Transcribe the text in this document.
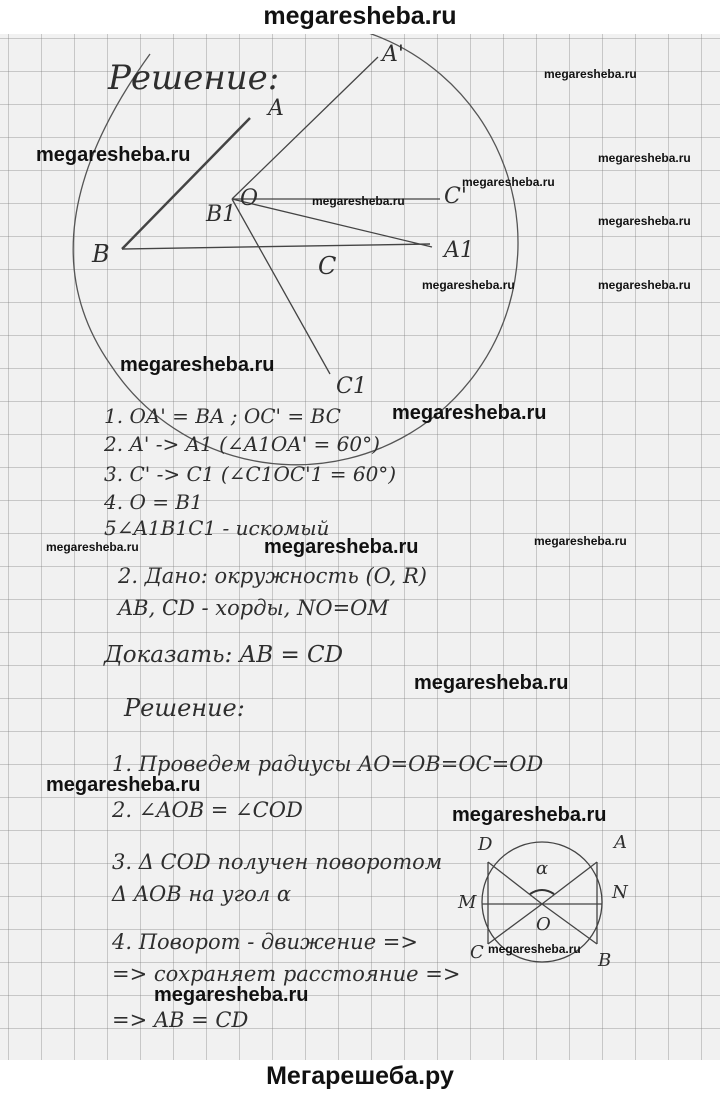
megaresheba.ru
Решение:
A'
A
O
B1
C'
B	A1
C
C1
1. OA' = BA ; OC' = BC
2. A' -> A1 (∠A1OA' = 60°)
3. C' -> C1 (∠C1OC'1 = 60°)
4. O = B1
5∠A1B1C1 - искомый
2. Дано: окружность (O, R)
AB, CD - хорды, NO=OM
Доказать: AB = CD
Решение:
1. Проведем радиусы AO=OB=OC=OD
2. ∠AOB = ∠COD
3. Δ COD получен поворотом
Δ AOB на угол α
4. Поворот - движение =>
=> сохраняет расстояние =>
=> AB = CD
D	A
α
M	N
O
C	B
megaresheba.ru
megaresheba.ru	megaresheba.ru
megaresheba.ru
megaresheba.ru
megaresheba.ru
megaresheba.ru	megaresheba.ru
megaresheba.ru
megaresheba.ru
megaresheba.ru	megaresheba.ru	megaresheba.ru
megaresheba.ru
megaresheba.ru
megaresheba.ru
megaresheba.ru
megaresheba.ru
Мегарешеба.ру
